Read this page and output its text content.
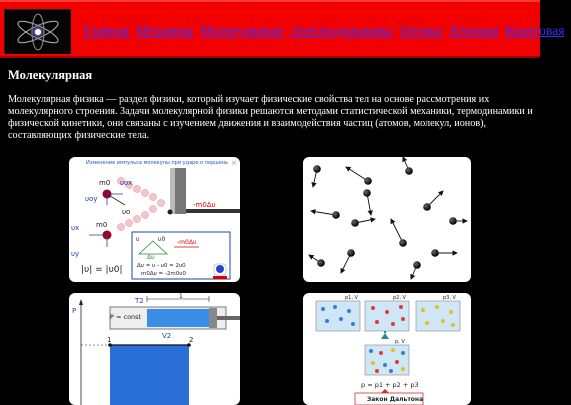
Главная Механика Молекулярная Электродинамика Оптика Атомная Квантовая
Молекулярная

Молекулярная физика — раздел физики, который изучает физические свойства тел на основе рассмотрения их молекулярного строения. Задачи молекулярной физики решаются методами статистической механики, термодинамики и физической кинетики, они связаны с изучением движения и взаимодействия частиц (атомов, молекул, ионов), составляющих физические тела.

Изменение импульса молекулы при ударе о поршень ×
-m0Δυ
m0 υox
υoy
υo
υx m0
υy
|υ| = |υ0|
υ	υ0
Δυ
-m0Δυ
Δυ = υ - υ0 = 2υ0
m0Δυ = -2m0υ0
T2
1
P = const
V2
P
1	2
p1, V	p2, V	p3, V
p, V
p = p1 + p2 + p3
Закон Дальтона
